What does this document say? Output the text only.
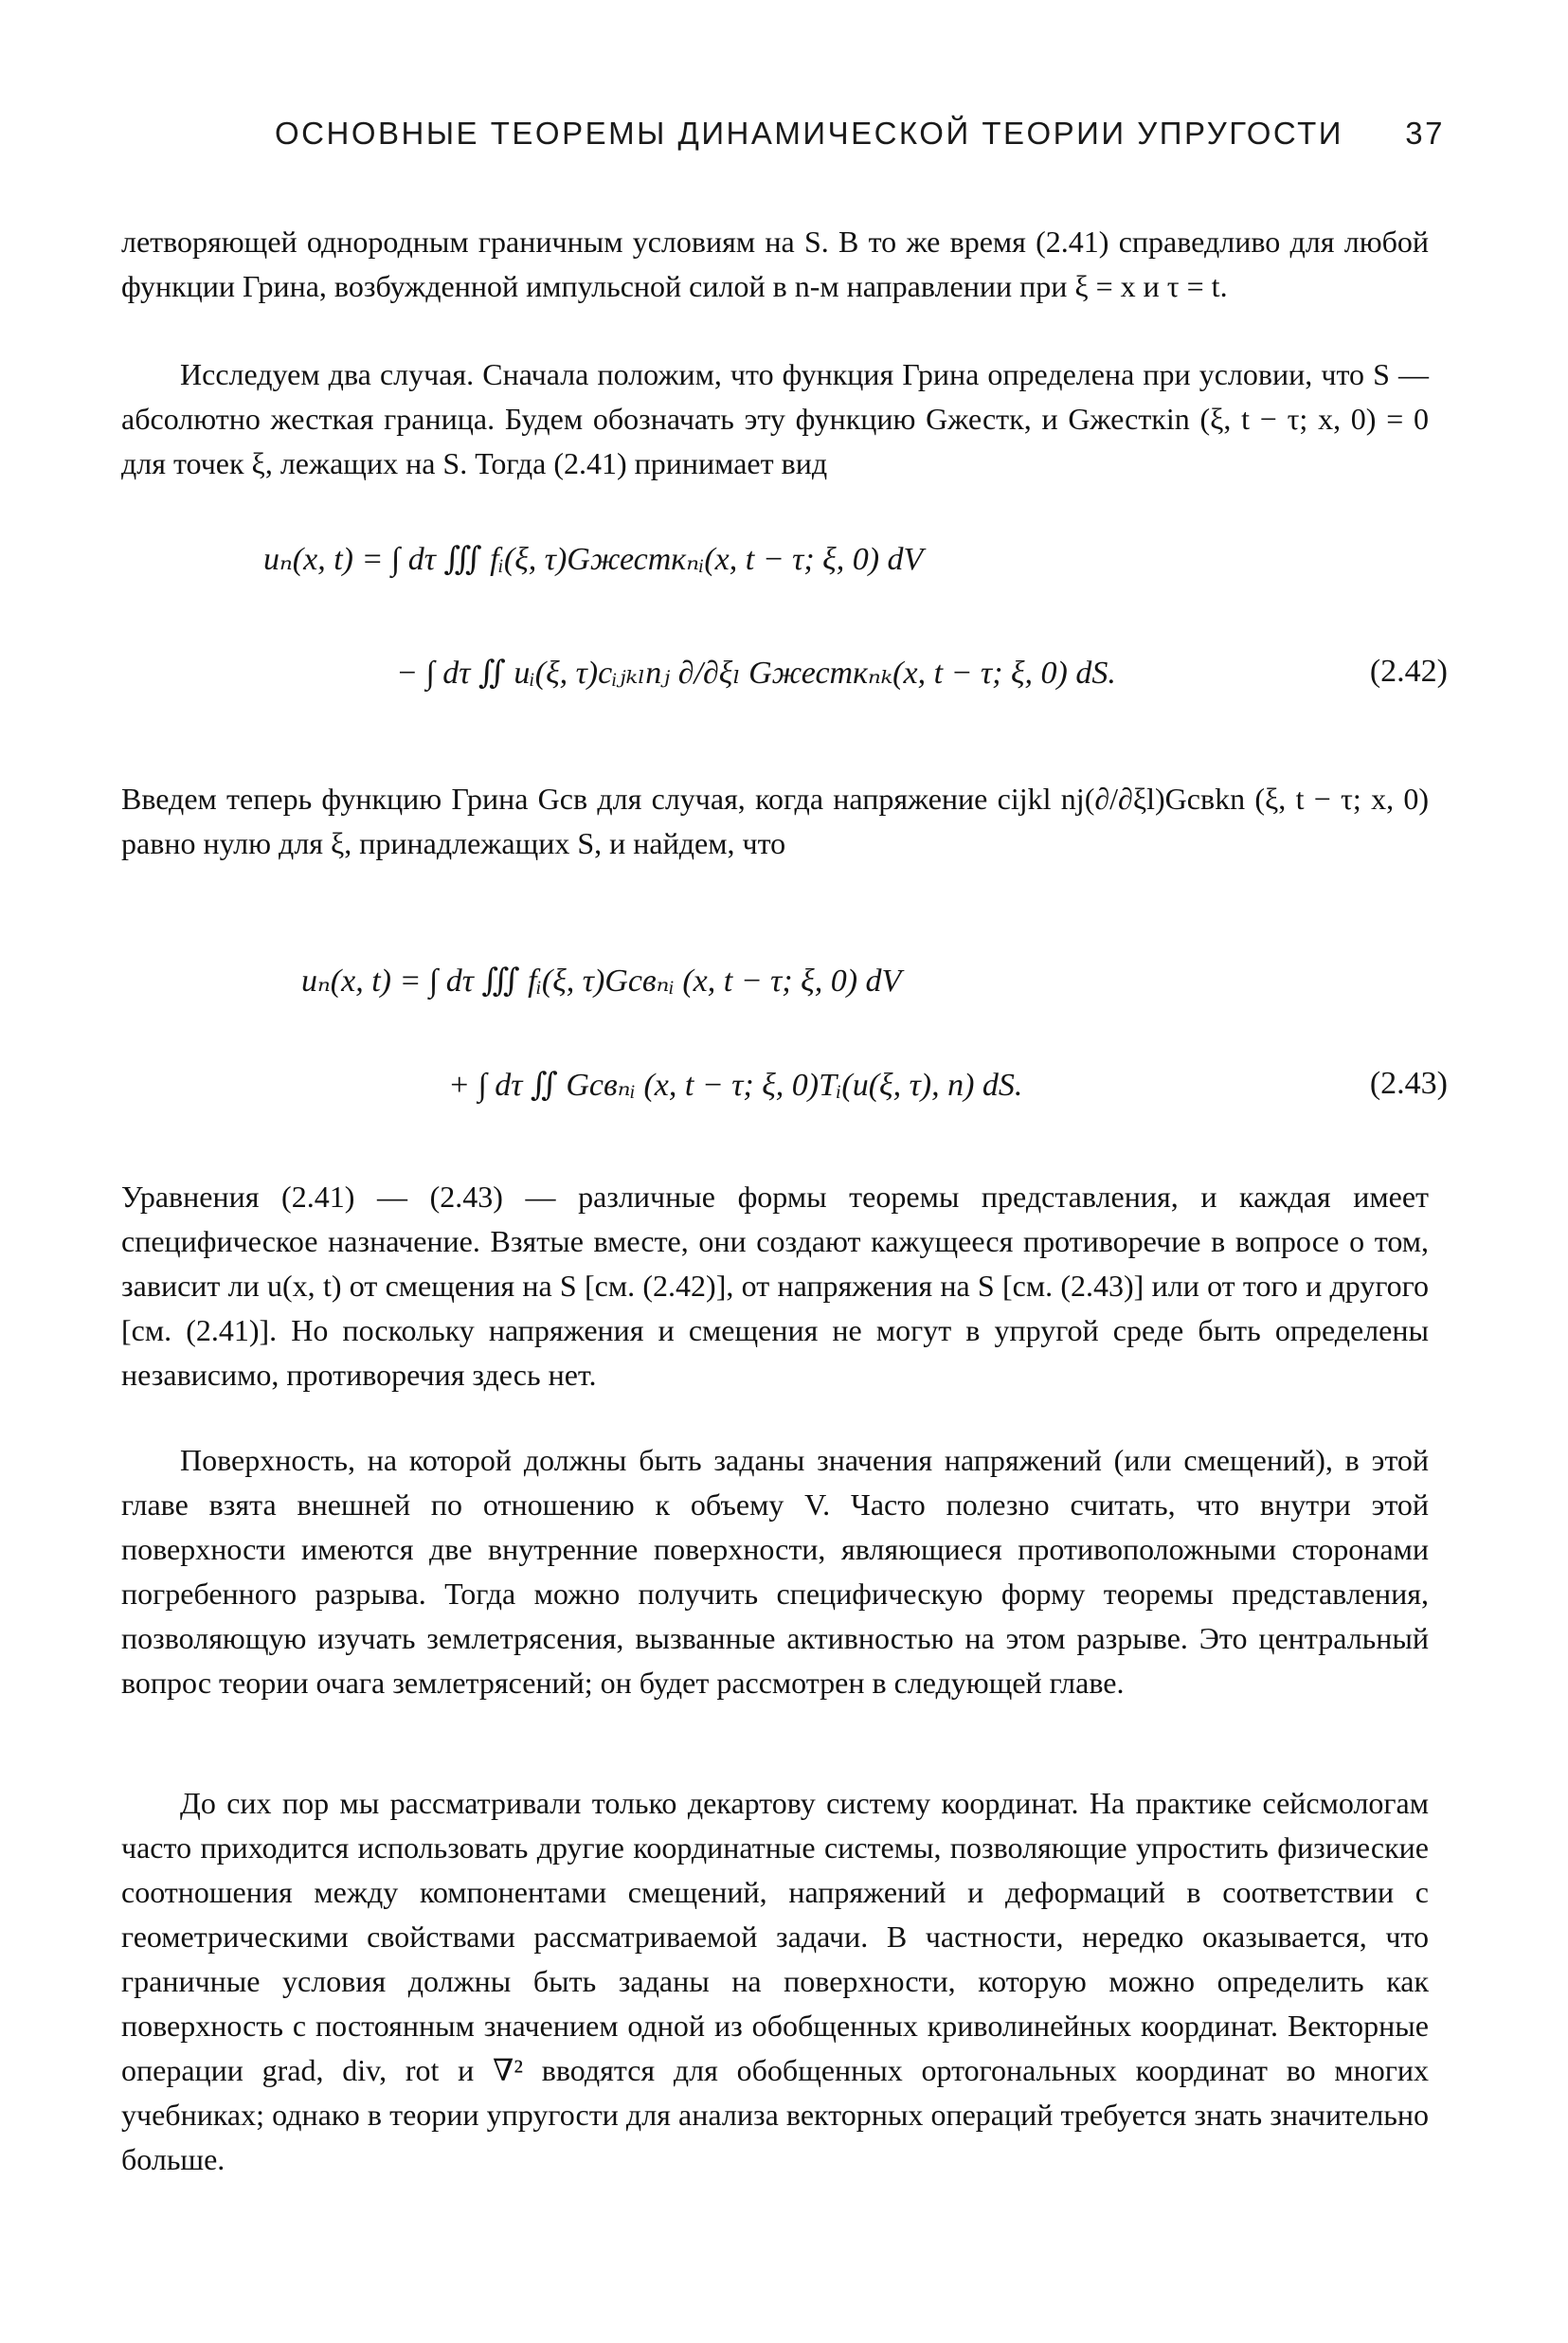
ОСНОВНЫЕ ТЕОРЕМЫ ДИНАМИЧЕСКОЙ ТЕОРИИ УПРУГОСТИ 37

летворяющей однородным граничным условиям на S. В то же время (2.41) справедливо для любой функции Грина, возбужденной импульсной силой в n-м направлении при ξ = x и τ = t.

Исследуем два случая. Сначала положим, что функция Грина определена при условии, что S — абсолютно жесткая граница. Будем обозначать эту функцию Gжестк, и Gжесткin (ξ, t − τ; x, 0) = 0 для точек ξ, лежащих на S. Тогда (2.41) принимает вид

uₙ(x, t) = ∫ dτ ∭ fᵢ(ξ, τ)Gжесткₙᵢ(x, t − τ; ξ, 0) dV
− ∫ dτ ∬ uᵢ(ξ, τ)cᵢⱼₖₗnⱼ ∂/∂ξₗ Gжесткₙₖ(x, t − τ; ξ, 0) dS.	(2.42)

Введем теперь функцию Грина Gсв для случая, когда напряжение cijkl nj(∂/∂ξl)Gсвkn (ξ, t − τ; x, 0) равно нулю для ξ, принадлежащих S, и найдем, что

uₙ(x, t) = ∫ dτ ∭ fᵢ(ξ, τ)Gсвₙᵢ (x, t − τ; ξ, 0) dV
+ ∫ dτ ∬ Gсвₙᵢ (x, t − τ; ξ, 0)Tᵢ(u(ξ, τ), n) dS.	(2.43)

Уравнения (2.41) — (2.43) — различные формы теоремы представления, и каждая имеет специфическое назначение. Взятые вместе, они создают кажущееся противоречие в вопросе о том, зависит ли u(x, t) от смещения на S [см. (2.42)], от напряжения на S [см. (2.43)] или от того и другого [см. (2.41)]. Но поскольку напряжения и смещения не могут в упругой среде быть определены независимо, противоречия здесь нет.

Поверхность, на которой должны быть заданы значения напряжений (или смещений), в этой главе взята внешней по отношению к объему V. Часто полезно считать, что внутри этой поверхности имеются две внутренние поверхности, являющиеся противоположными сторонами погребенного разрыва. Тогда можно получить специфическую форму теоремы представления, позволяющую изучать землетрясения, вызванные активностью на этом разрыве. Это центральный вопрос теории очага землетрясений; он будет рассмотрен в следующей главе.

До сих пор мы рассматривали только декартову систему координат. На практике сейсмологам часто приходится использовать другие координатные системы, позволяющие упростить физические соотношения между компонентами смещений, напряжений и деформаций в соответствии с геометрическими свойствами рассматриваемой задачи. В частности, нередко оказывается, что граничные условия должны быть заданы на поверхности, которую можно определить как поверхность с постоянным значением одной из обобщенных криволинейных координат. Векторные операции grad, div, rot и ∇² вводятся для обобщенных ортогональных координат во многих учебниках; однако в теории упругости для анализа векторных операций требуется знать значительно больше.
